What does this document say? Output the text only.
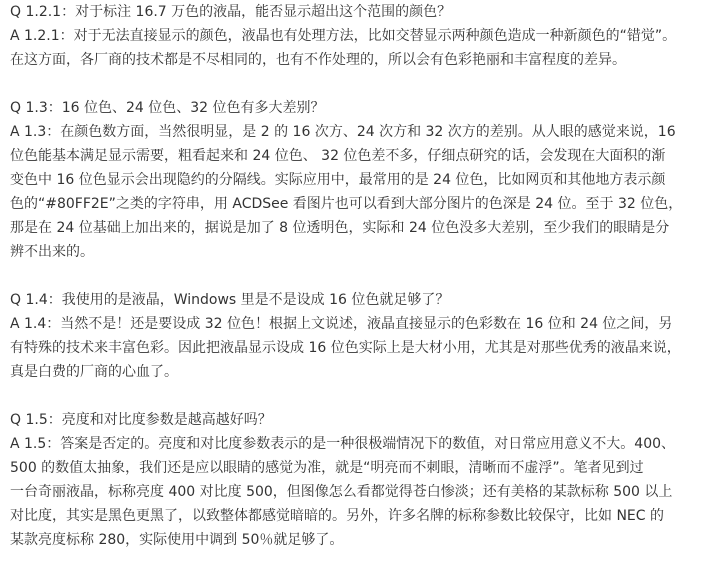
Q 1.2.1：对于标注 16.7 万色的液晶，能否显示超出这个范围的颜色？
A 1.2.1：对于无法直接显示的颜色，液晶也有处理方法，比如交替显示两种颜色造成一种新颜色的“错觉”。
在这方面，各厂商的技术都是不尽相同的，也有不作处理的，所以会有色彩艳丽和丰富程度的差异。
Q 1.3：16 位色、24 位色、32 位色有多大差别？
A 1.3：在颜色数方面，当然很明显，是 2 的 16 次方、24 次方和 32 次方的差别。从人眼的感觉来说，16
位色能基本满足显示需要，粗看起来和 24 位色、 32 位色差不多，仔细点研究的话，会发现在大面积的渐
变色中 16 位色显示会出现隐约的分隔线。实际应用中，最常用的是 24 位色，比如网页和其他地方表示颜
色的“#80FF2E”之类的字符串，用 ACDSee 看图片也可以看到大部分图片的色深是 24 位。至于 32 位色，
那是在 24 位基础上加出来的，据说是加了 8 位透明色，实际和 24 位色没多大差别，至少我们的眼睛是分
辨不出来的。
Q 1.4：我使用的是液晶，Windows 里是不是设成 16 位色就足够了？
A 1.4：当然不是！还是要设成 32 位色！根据上文说述，液晶直接显示的色彩数在 16 位和 24 位之间，另
有特殊的技术来丰富色彩。因此把液晶显示设成 16 位色实际上是大材小用，尤其是对那些优秀的液晶来说，
真是白费的厂商的心血了。
Q 1.5：亮度和对比度参数是越高越好吗？
A 1.5：答案是否定的。亮度和对比度参数表示的是一种很极端情况下的数值，对日常应用意义不大。400、
500 的数值太抽象，我们还是应以眼睛的感觉为准，就是“明亮而不刺眼，清晰而不虚浮”。笔者见到过
一台奇丽液晶，标称亮度 400 对比度 500，但图像怎么看都觉得苍白惨淡；还有美格的某款标称 500 以上
对比度，其实是黑色更黑了，以致整体都感觉暗暗的。另外，许多名牌的标称参数比较保守，比如 NEC 的
某款亮度标称 280，实际使用中调到 50％就足够了。
